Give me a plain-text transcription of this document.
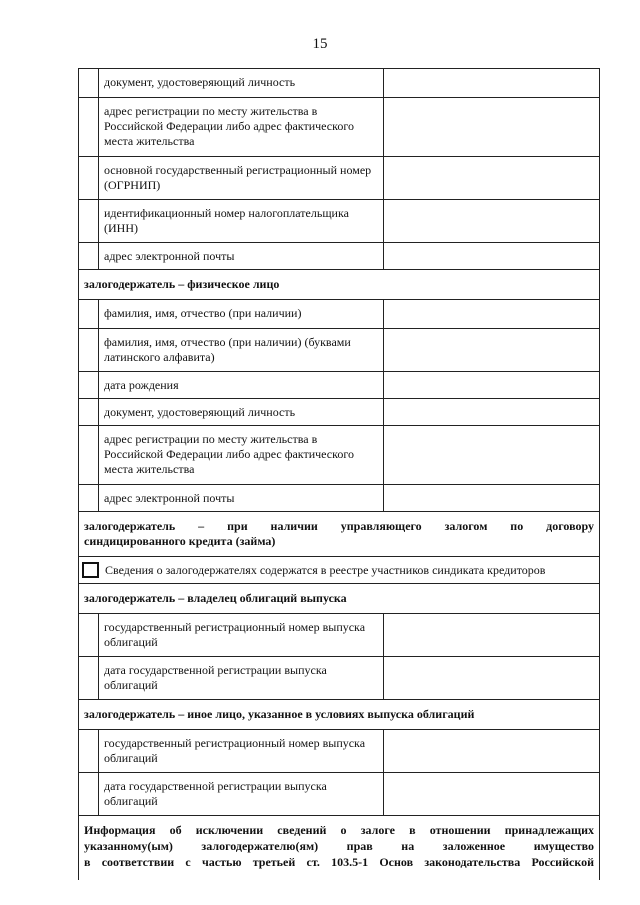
15
документ, удостоверяющий личность
адрес регистрации по месту жительства в Российской Федерации либо адрес фактического места жительства
основной государственный регистрационный номер (ОГРНИП)
идентификационный номер налогоплательщика (ИНН)
адрес электронной почты
залогодержатель – физическое лицо
фамилия, имя, отчество (при наличии)
фамилия, имя, отчество (при наличии) (буквами латинского алфавита)
дата рождения
документ, удостоверяющий личность
адрес регистрации по месту жительства в Российской Федерации либо адрес фактического места жительства
адрес электронной почты
залогодержатель – при наличии управляющего залогом по договору
синдицированного кредита (займа)
Сведения о залогодержателях содержатся в реестре участников синдиката кредиторов
залогодержатель – владелец облигаций выпуска
государственный регистрационный номер выпуска облигаций
дата государственной регистрации выпуска облигаций
залогодержатель – иное лицо, указанное в условиях выпуска облигаций
государственный регистрационный номер выпуска облигаций
дата государственной регистрации выпуска облигаций
Информация об исключении сведений о залоге в отношении принадлежащих
указанному(ым) залогодержателю(ям) прав на заложенное имущество
в соответствии с частью третьей ст. 103.5-1 Основ законодательства Российской
